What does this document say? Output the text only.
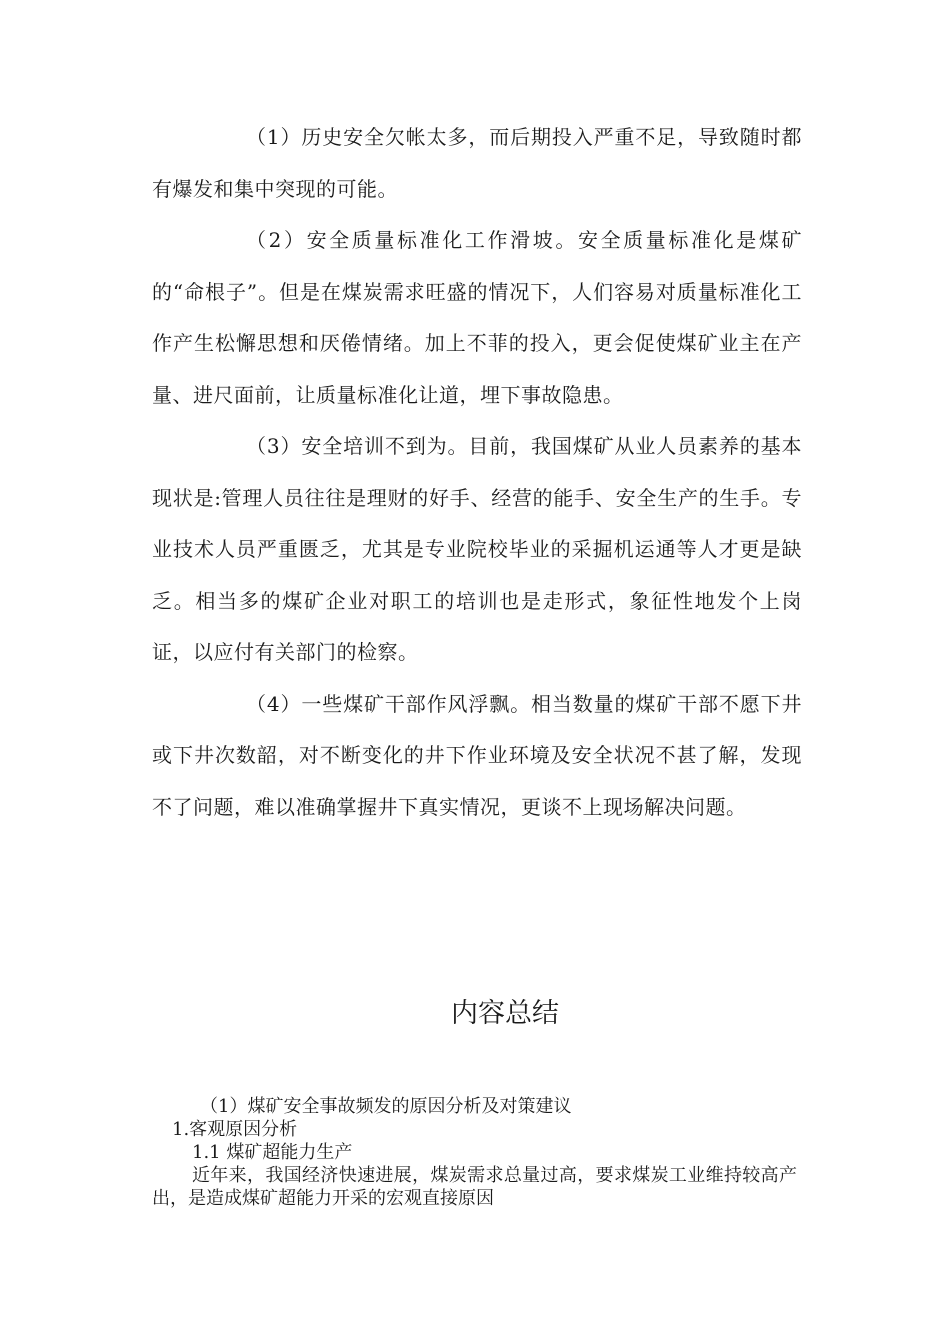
（1）历史安全欠帐太多，而后期投入严重不足，导致随时都有爆发和集中突现的可能。

（2）安全质量标准化工作滑坡。安全质量标准化是煤矿的“命根子”。但是在煤炭需求旺盛的情况下，人们容易对质量标准化工作产生松懈思想和厌倦情绪。加上不菲的投入，更会促使煤矿业主在产量、进尺面前，让质量标准化让道，埋下事故隐患。

（3）安全培训不到为。目前，我国煤矿从业人员素养的基本现状是:管理人员往往是理财的好手、经营的能手、安全生产的生手。专业技术人员严重匮乏，尤其是专业院校毕业的采掘机运通等人才更是缺乏。相当多的煤矿企业对职工的培训也是走形式，象征性地发个上岗证，以应付有关部门的检察。

（4）一些煤矿干部作风浮飘。相当数量的煤矿干部不愿下井或下井次数韶，对不断变化的井下作业环境及安全状况不甚了解，发现不了问题，难以准确掌握井下真实情况，更谈不上现场解决问题。

内容总结

（1）煤矿安全事故频发的原因分析及对策建议

1.客观原因分析

1.1 煤矿超能力生产

近年来，我国经济快速进展，煤炭需求总量过高，要求煤炭工业维持较高产出，是造成煤矿超能力开采的宏观直接原因
